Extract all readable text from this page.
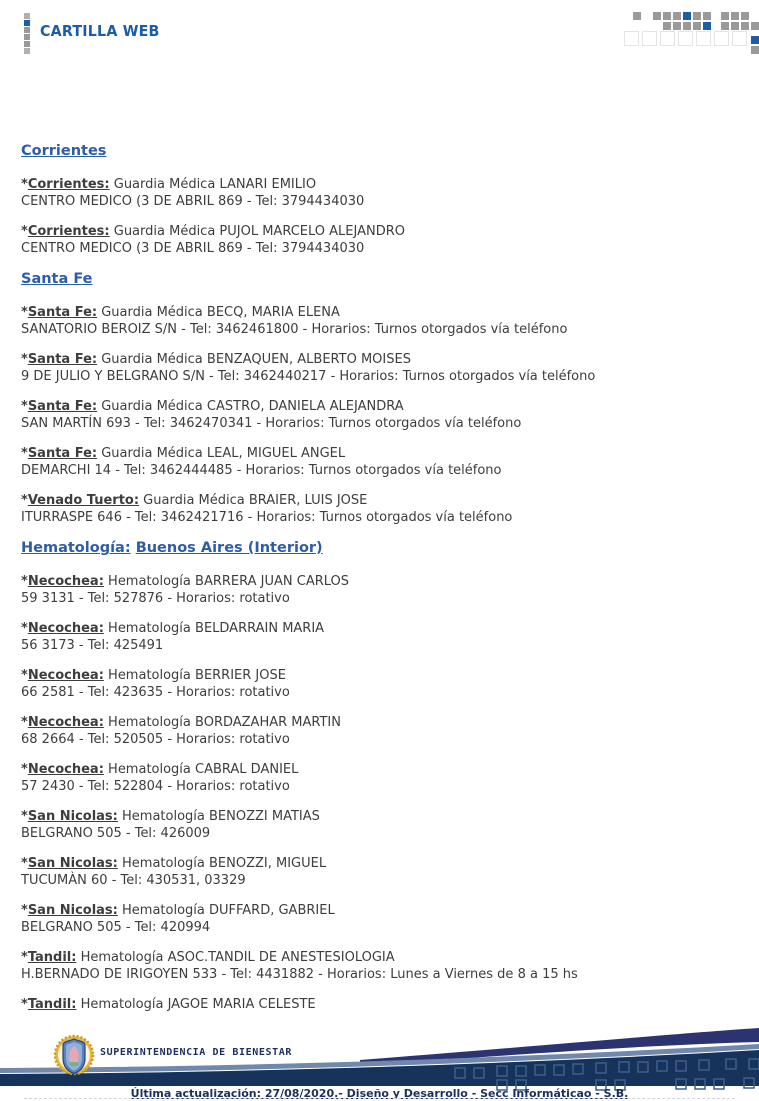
CARTILLA WEB
Corrientes
*Corrientes: Guardia Médica LANARI EMILIO
CENTRO MEDICO (3 DE ABRIL 869 - Tel: 3794434030
*Corrientes: Guardia Médica PUJOL MARCELO ALEJANDRO
CENTRO MEDICO (3 DE ABRIL 869 - Tel: 3794434030
Santa Fe
*Santa Fe: Guardia Médica BECQ, MARIA ELENA
SANATORIO BEROIZ S/N - Tel: 3462461800 - Horarios: Turnos otorgados vía teléfono
*Santa Fe: Guardia Médica BENZAQUEN, ALBERTO MOISES
9 DE JULIO Y BELGRANO S/N - Tel: 3462440217 - Horarios: Turnos otorgados vía teléfono
*Santa Fe: Guardia Médica CASTRO, DANIELA ALEJANDRA
SAN MARTÍN 693 - Tel: 3462470341 - Horarios: Turnos otorgados vía teléfono
*Santa Fe: Guardia Médica LEAL, MIGUEL ANGEL
DEMARCHI 14 - Tel: 3462444485 - Horarios: Turnos otorgados vía teléfono
*Venado Tuerto: Guardia Médica BRAIER, LUIS JOSE
ITURRASPE 646 - Tel: 3462421716 - Horarios: Turnos otorgados vía teléfono
Hematología: Buenos Aires (Interior)
*Necochea: Hematología BARRERA JUAN CARLOS
59 3131 - Tel: 527876 - Horarios: rotativo
*Necochea: Hematología BELDARRAIN MARIA
56 3173 - Tel: 425491
*Necochea: Hematología BERRIER JOSE
66 2581 - Tel: 423635 - Horarios: rotativo
*Necochea: Hematología BORDAZAHAR MARTIN
68 2664 - Tel: 520505 - Horarios: rotativo
*Necochea: Hematología CABRAL DANIEL
57 2430 - Tel: 522804 - Horarios: rotativo
*San Nicolas: Hematología BENOZZI MATIAS
BELGRANO 505 - Tel: 426009
*San Nicolas: Hematología BENOZZI, MIGUEL
TUCUMÀN 60 - Tel: 430531, 03329
*San Nicolas: Hematología DUFFARD, GABRIEL
BELGRANO 505 - Tel: 420994
*Tandil: Hematología ASOC.TANDIL DE ANESTESIOLOGIA
H.BERNADO DE IRIGOYEN 533 - Tel: 4431882 - Horarios: Lunes a Viernes de 8 a 15 hs
*Tandil: Hematología JAGOE MARIA CELESTE
SUPERINTENDENCIA DE BIENESTAR
Última actualización: 27/08/2020.- Diseño y Desarrollo - Secc Informáticao - S.B.
